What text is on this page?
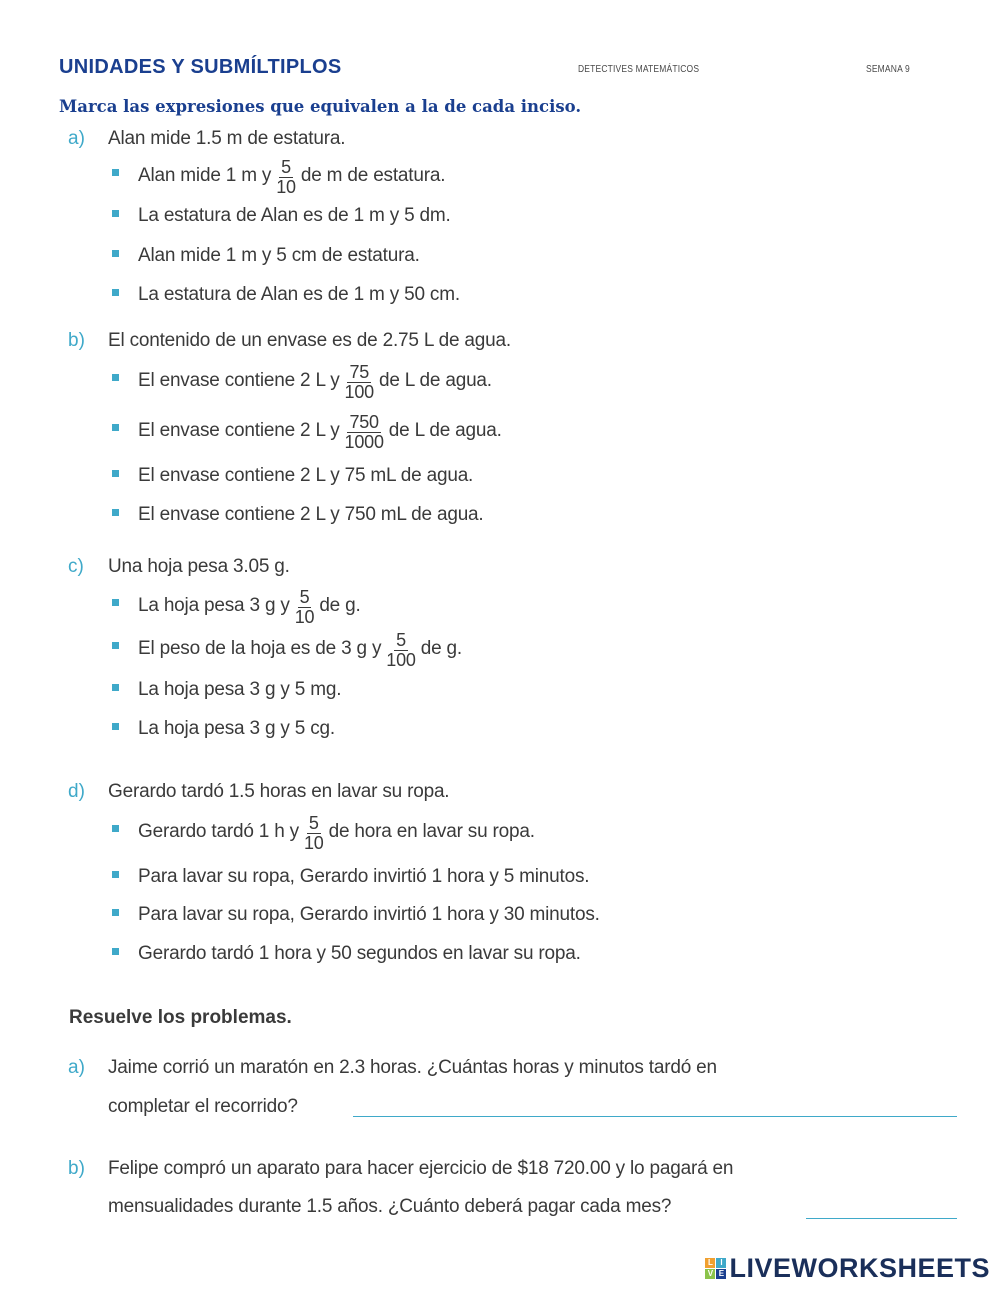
UNIDADES Y SUBMÍLTIPLOS	DETECTIVES MATEMÁTICOS	SEMANA 9
Marca las expresiones que equivalen a la de cada inciso.
a) Alan mide 1.5 m de estatura.
Alan mide 1 m y $\frac{5}{10}$ de m de estatura.
La estatura de Alan es de 1 m y 5 dm.
Alan mide 1 m y 5 cm de estatura.
La estatura de Alan es de 1 m y 50 cm.
b) El contenido de un envase es de 2.75 L de agua.
El envase contiene 2 L y $\frac{75}{100}$ de L de agua.
El envase contiene 2 L y $\frac{750}{1000}$ de L de agua.
El envase contiene 2 L y 75 mL de agua.
El envase contiene 2 L y 750 mL de agua.
c) Una hoja pesa 3.05 g.
La hoja pesa 3 g y $\frac{5}{10}$ de g.
El peso de la hoja es de 3 g y $\frac{5}{100}$ de g.
La hoja pesa 3 g y 5 mg.
La hoja pesa 3 g y 5 cg.
d) Gerardo tardó 1.5 horas en lavar su ropa.
Gerardo tardó 1 h y $\frac{5}{10}$ de hora en lavar su ropa.
Para lavar su ropa, Gerardo invirtió 1 hora y 5 minutos.
Para lavar su ropa, Gerardo invirtió 1 hora y 30 minutos.
Gerardo tardó 1 hora y 50 segundos en lavar su ropa.
Resuelve los problemas.
a) Jaime corrió un maratón en 2.3 horas. ¿Cuántas horas y minutos tardó en
completar el recorrido?
b) Felipe compró un aparato para hacer ejercicio de $18 720.00 y lo pagará en
mensualidades durante 1.5 años. ¿Cuánto deberá pagar cada mes?
L I
V E LIVEWORKSHEETS
